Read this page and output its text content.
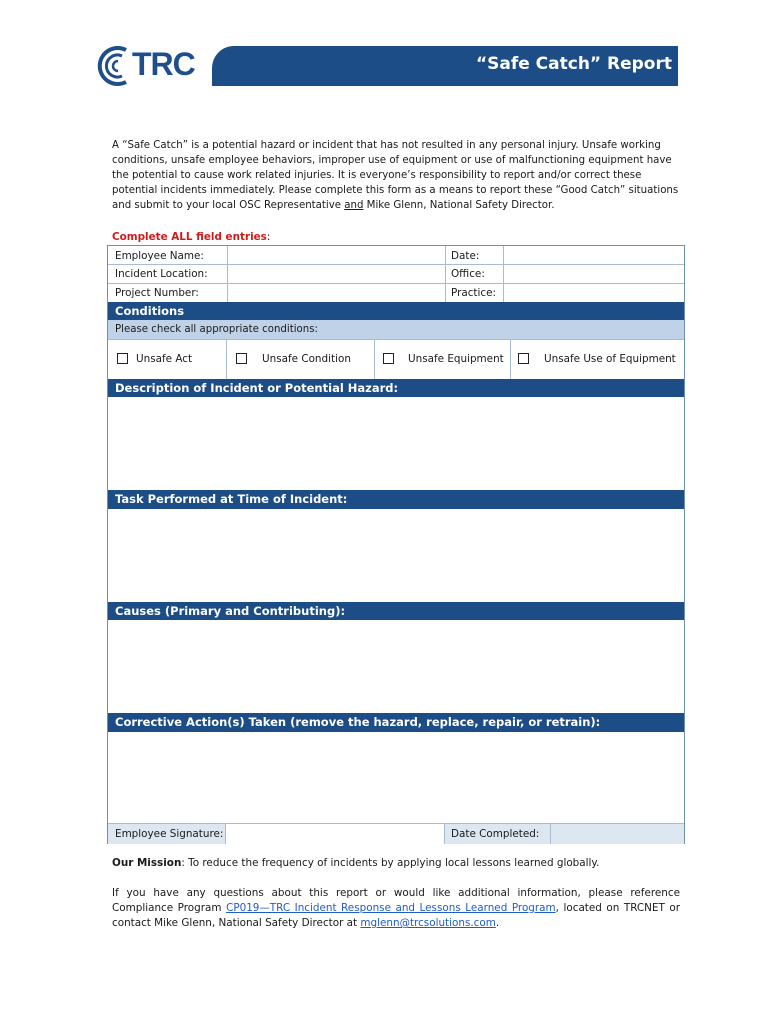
TRC	“Safe Catch” Report
A “Safe Catch” is a potential hazard or incident that has not resulted in any personal injury. Unsafe working conditions, unsafe employee behaviors, improper use of equipment or use of malfunctioning equipment have the potential to cause work related injuries. It is everyone’s responsibility to report and/or correct these potential incidents immediately. Please complete this form as a means to report these “Good Catch” situations and submit to your local OSC Representative and Mike Glenn, National Safety Director.
Complete ALL field entries:
Employee Name:	Date:
Incident Location:	Office:
Project Number:	Practice:
Conditions
Please check all appropriate conditions:
Unsafe Act	Unsafe Condition	Unsafe Equipment	Unsafe Use of Equipment
Description of Incident or Potential Hazard:
Task Performed at Time of Incident:
Causes (Primary and Contributing):
Corrective Action(s) Taken (remove the hazard, replace, repair, or retrain):
Employee Signature:	Date Completed:
Our Mission: To reduce the frequency of incidents by applying local lessons learned globally.
If you have any questions about this report or would like additional information, please reference Compliance Program CP019—TRC Incident Response and Lessons Learned Program, located on TRCNET or contact Mike Glenn, National Safety Director at mglenn@trcsolutions.com.
